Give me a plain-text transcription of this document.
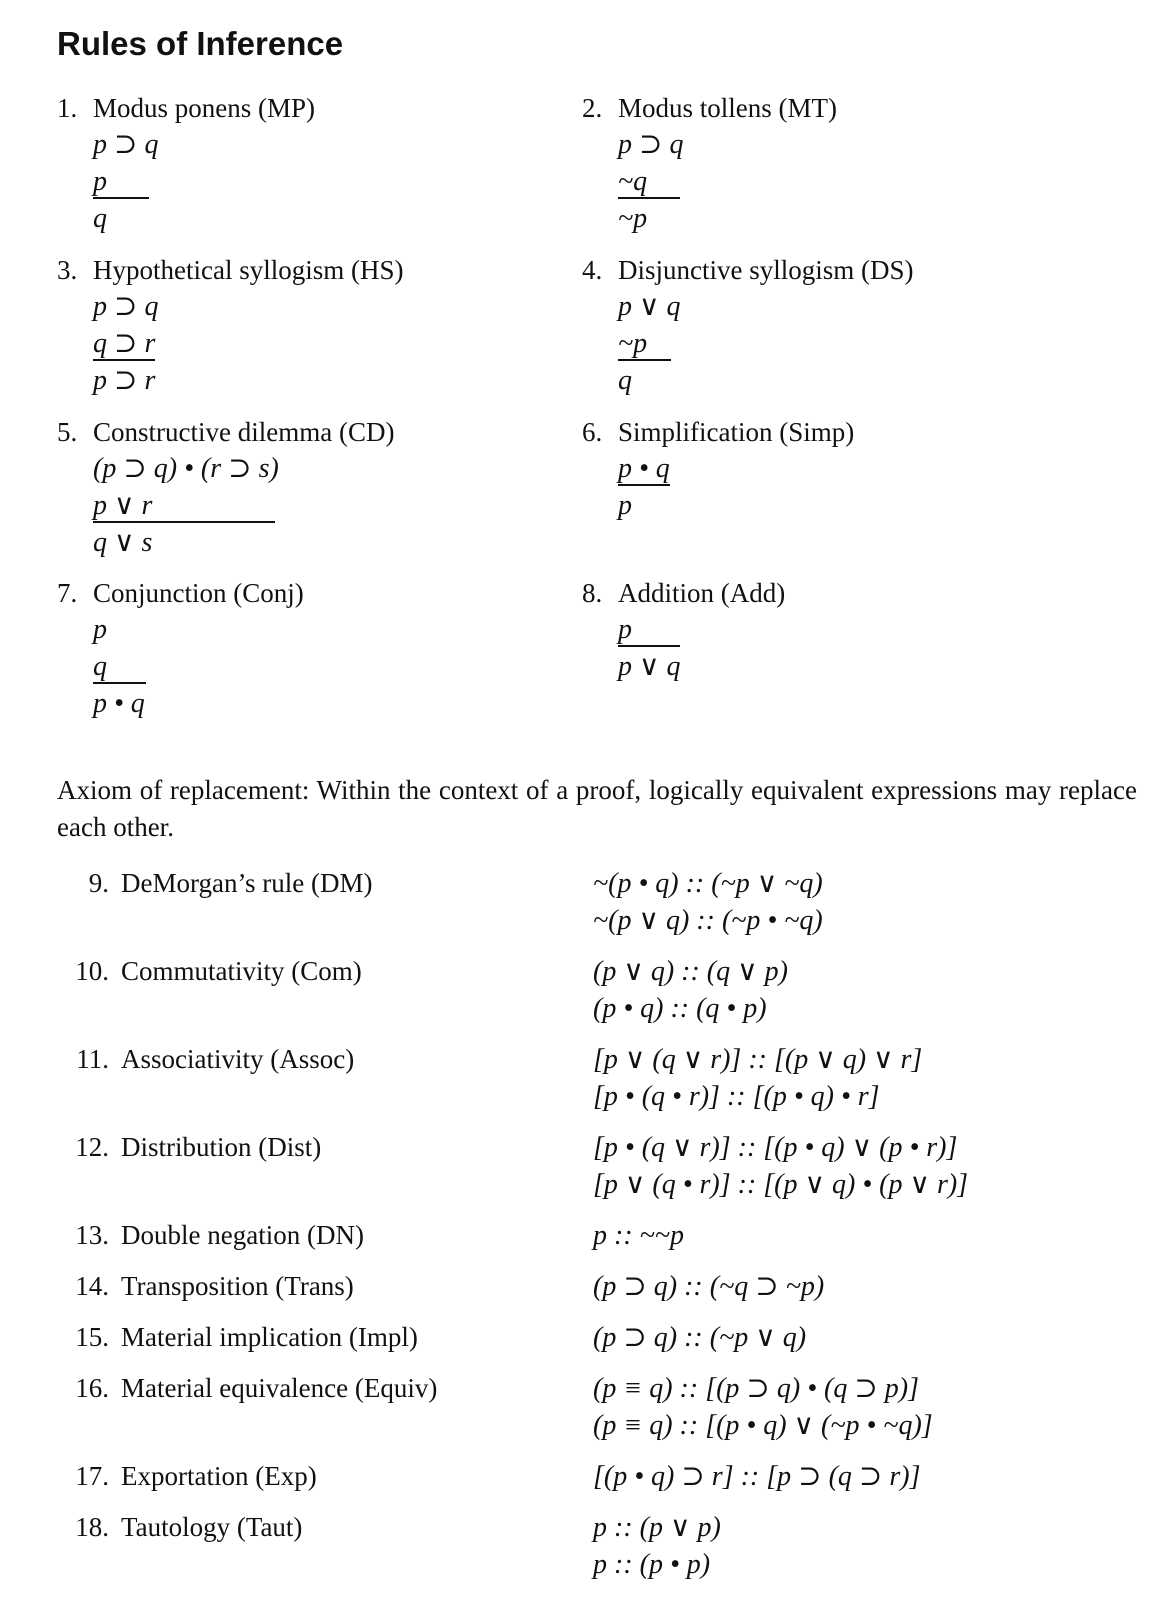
Rules of Inference
1. Modus ponens (MP)
p ⊃ q
p
q
2. Modus tollens (MT)
p ⊃ q
~q
~p
3. Hypothetical syllogism (HS)
p ⊃ q
q ⊃ r
p ⊃ r
4. Disjunctive syllogism (DS)
p ∨ q
~p
q
5. Constructive dilemma (CD)
(p ⊃ q) • (r ⊃ s)
p ∨ r
q ∨ s
6. Simplification (Simp)
p • q
p
7. Conjunction (Conj)
p
q
p • q
8. Addition (Add)
p
p ∨ q

Axiom of replacement: Within the context of a proof, logically equivalent expressions may replace each other.

9. DeMorgan’s rule (DM)	~(p • q) :: (~p ∨ ~q)
~(p ∨ q) :: (~p • ~q)
10. Commutativity (Com)	(p ∨ q) :: (q ∨ p)
(p • q) :: (q • p)
11. Associativity (Assoc)	[p ∨ (q ∨ r)] :: [(p ∨ q) ∨ r]
[p • (q • r)] :: [(p • q) • r]
12. Distribution (Dist)	[p • (q ∨ r)] :: [(p • q) ∨ (p • r)]
[p ∨ (q • r)] :: [(p ∨ q) • (p ∨ r)]
13. Double negation (DN)	p :: ~~p
14. Transposition (Trans)	(p ⊃ q) :: (~q ⊃ ~p)
15. Material implication (Impl)	(p ⊃ q) :: (~p ∨ q)
16. Material equivalence (Equiv)	(p ≡ q) :: [(p ⊃ q) • (q ⊃ p)]
(p ≡ q) :: [(p • q) ∨ (~p • ~q)]
17. Exportation (Exp)	[(p • q) ⊃ r] :: [p ⊃ (q ⊃ r)]
18. Tautology (Taut)	p :: (p ∨ p)
p :: (p • p)
